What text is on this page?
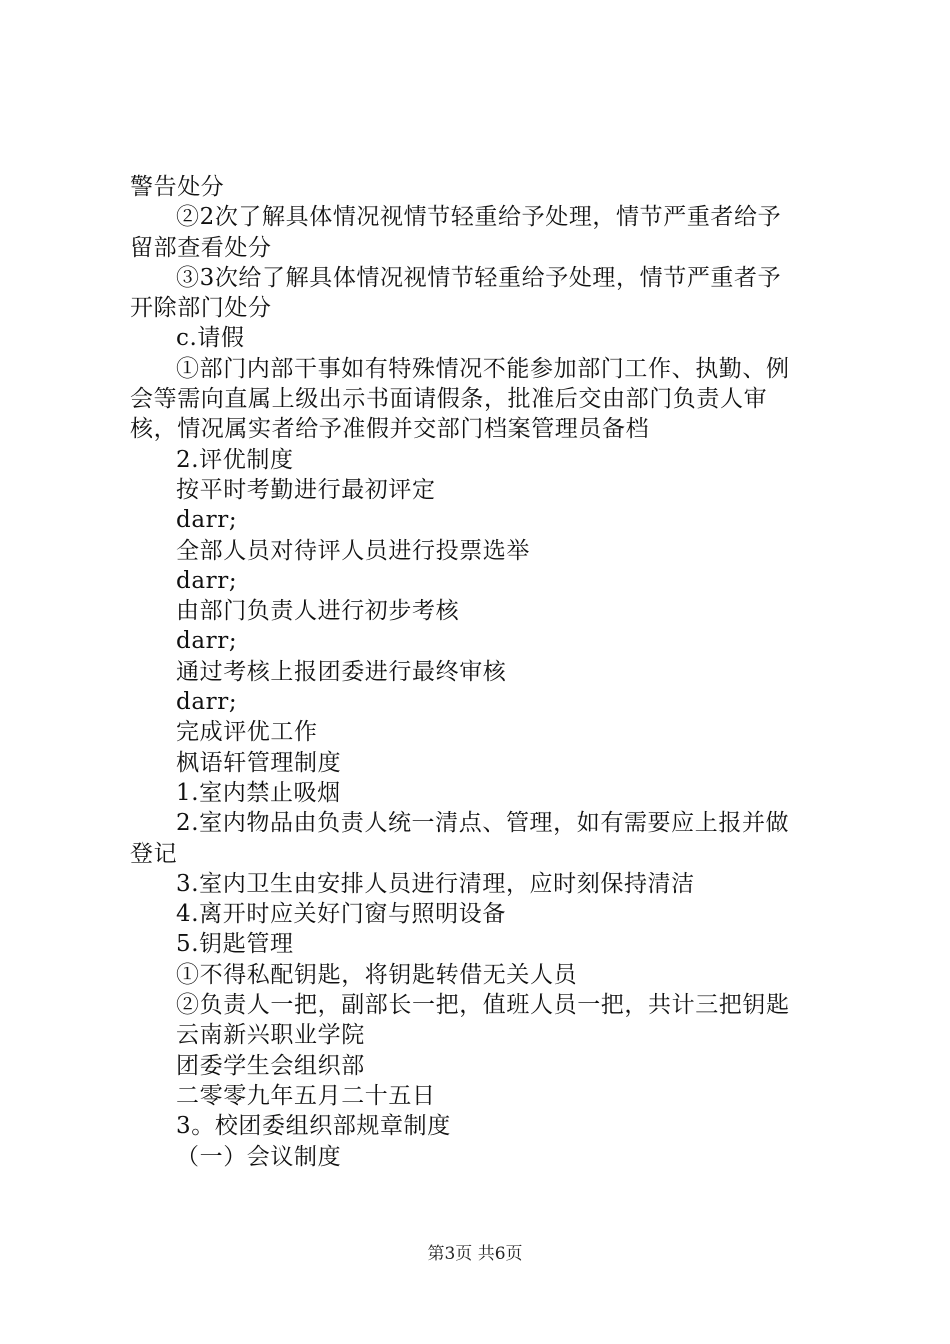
警告处分
②2次了解具体情况视情节轻重给予处理，情节严重者给予
留部查看处分
③3次给了解具体情况视情节轻重给予处理，情节严重者予
开除部门处分
c.请假
①部门内部干事如有特殊情况不能参加部门工作、执勤、例
会等需向直属上级出示书面请假条，批准后交由部门负责人审
核，情况属实者给予准假并交部门档案管理员备档
2.评优制度
按平时考勤进行最初评定
darr;
全部人员对待评人员进行投票选举
darr;
由部门负责人进行初步考核
darr;
通过考核上报团委进行最终审核
darr;
完成评优工作
枫语轩管理制度
1.室内禁止吸烟
2.室内物品由负责人统一清点、管理，如有需要应上报并做
登记
3.室内卫生由安排人员进行清理，应时刻保持清洁
4.离开时应关好门窗与照明设备
5.钥匙管理
①不得私配钥匙，将钥匙转借无关人员
②负责人一把，副部长一把，值班人员一把，共计三把钥匙
云南新兴职业学院
团委学生会组织部
二零零九年五月二十五日
3。校团委组织部规章制度
（一）会议制度
第3页 共6页
